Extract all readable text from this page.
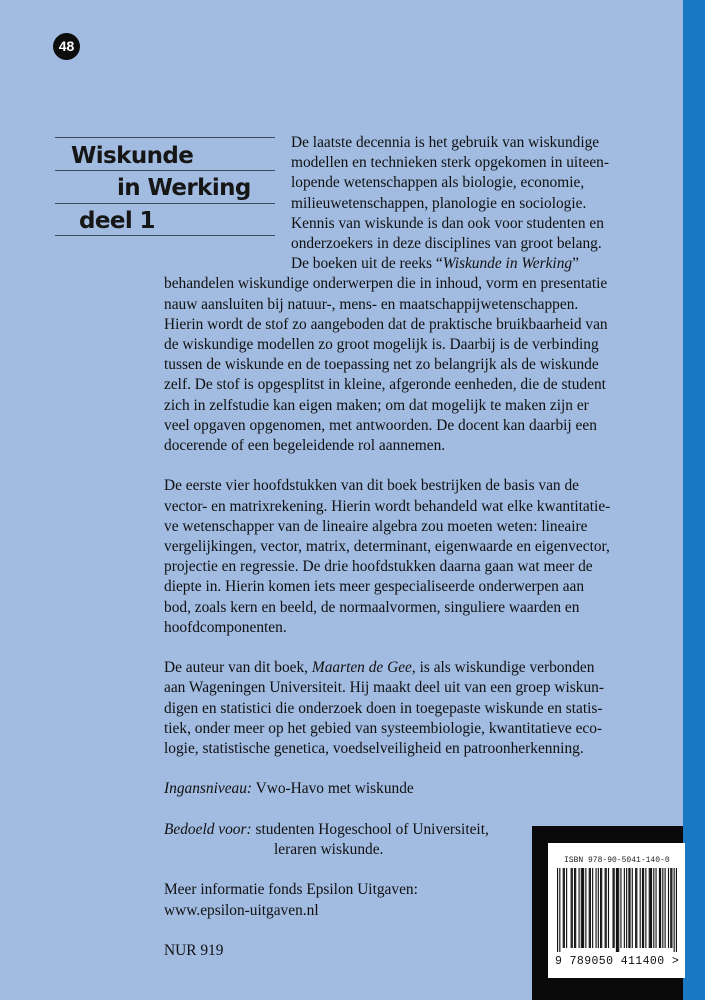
48
Wiskunde
in Werking
deel 1

De laatste decennia is het gebruik van wiskundige

modellen en technieken sterk opgekomen in uiteen-

lopende wetenschappen als biologie, economie,

milieuwetenschappen, planologie en sociologie.

Kennis van wiskunde is dan ook voor studenten en

onderzoekers in deze disciplines van groot belang.

De boeken uit de reeks “Wiskunde in Werking”

behandelen wiskundige onderwerpen die in inhoud, vorm en presentatie

nauw aansluiten bij natuur-, mens- en maatschappijwetenschappen.

Hierin wordt de stof zo aangeboden dat de praktische bruikbaarheid van

de wiskundige modellen zo groot mogelijk is. Daarbij is de verbinding

tussen de wiskunde en de toepassing net zo belangrijk als de wiskunde

zelf. De stof is opgesplitst in kleine, afgeronde eenheden, die de student

zich in zelfstudie kan eigen maken; om dat mogelijk te maken zijn er

veel opgaven opgenomen, met antwoorden. De docent kan daarbij een

docerende of een begeleidende rol aannemen.

De eerste vier hoofdstukken van dit boek bestrijken de basis van de

vector- en matrixrekening. Hierin wordt behandeld wat elke kwantitatie-

ve wetenschapper van de lineaire algebra zou moeten weten: lineaire

vergelijkingen, vector, matrix, determinant, eigenwaarde en eigenvector,

projectie en regressie. De drie hoofdstukken daarna gaan wat meer de

diepte in. Hierin komen iets meer gespecialiseerde onderwerpen aan

bod, zoals kern en beeld, de normaalvormen, singuliere waarden en

hoofdcomponenten.

De auteur van dit boek, Maarten de Gee, is als wiskundige verbonden

aan Wageningen Universiteit. Hij maakt deel uit van een groep wiskun-

digen en statistici die onderzoek doen in toegepaste wiskunde en statis-

tiek, onder meer op het gebied van systeembiologie, kwantitatieve eco-

logie, statistische genetica, voedselveiligheid en patroonherkenning.

Ingansniveau: Vwo-Havo met wiskunde

Bedoeld voor: studenten Hogeschool of Universiteit,

leraren wiskunde.

Meer informatie fonds Epsilon Uitgaven:

www.epsilon-uitgaven.nl

NUR 919

ISBN 978-90-5041-140-0
9 789050 411400 >
